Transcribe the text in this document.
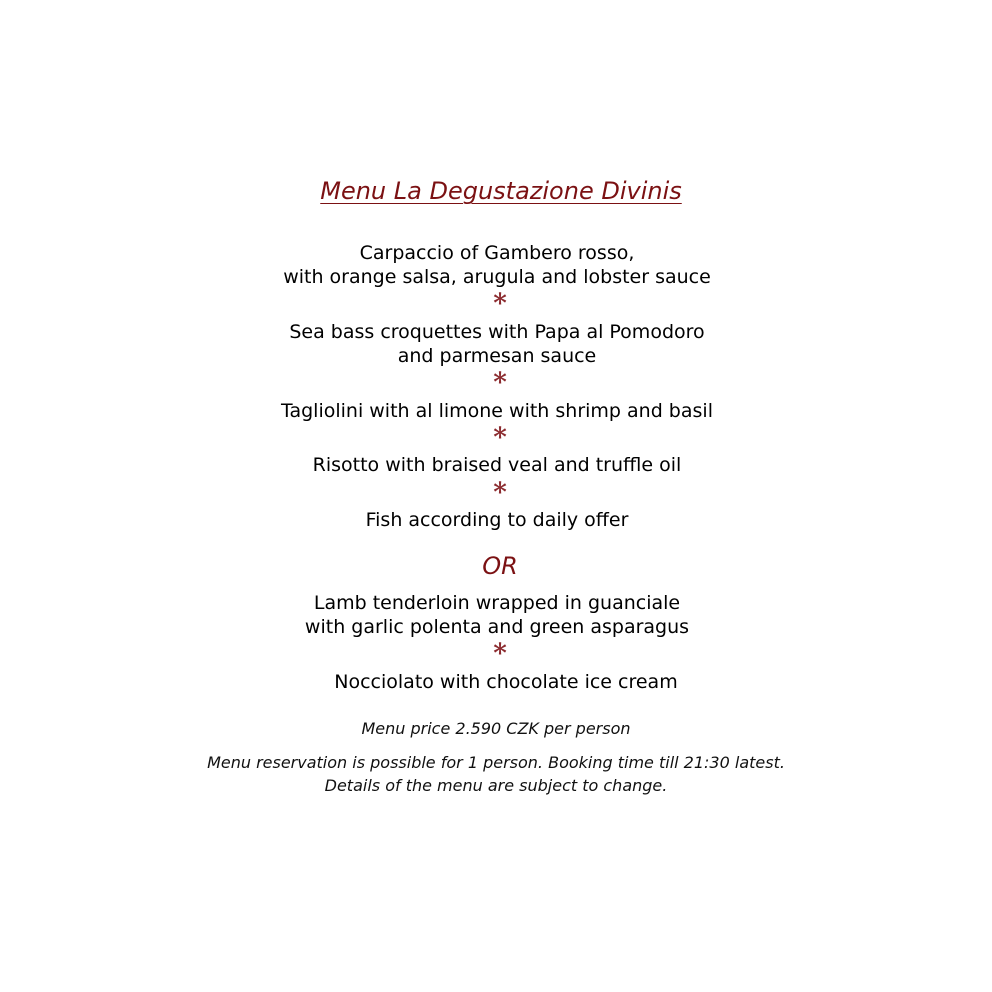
Menu La Degustazione Divinis
Carpaccio of Gambero rosso,
with orange salsa, arugula and lobster sauce
*
Sea bass croquettes with Papa al Pomodoro
and parmesan sauce
*
Tagliolini with al limone with shrimp and basil
*
Risotto with braised veal and truffle oil
*
Fish according to daily offer
OR
Lamb tenderloin wrapped in guanciale
with garlic polenta and green asparagus
*
Nocciolato with chocolate ice cream
Menu price 2.590 CZK per person
Menu reservation is possible for 1 person. Booking time till 21:30 latest.
Details of the menu are subject to change.
